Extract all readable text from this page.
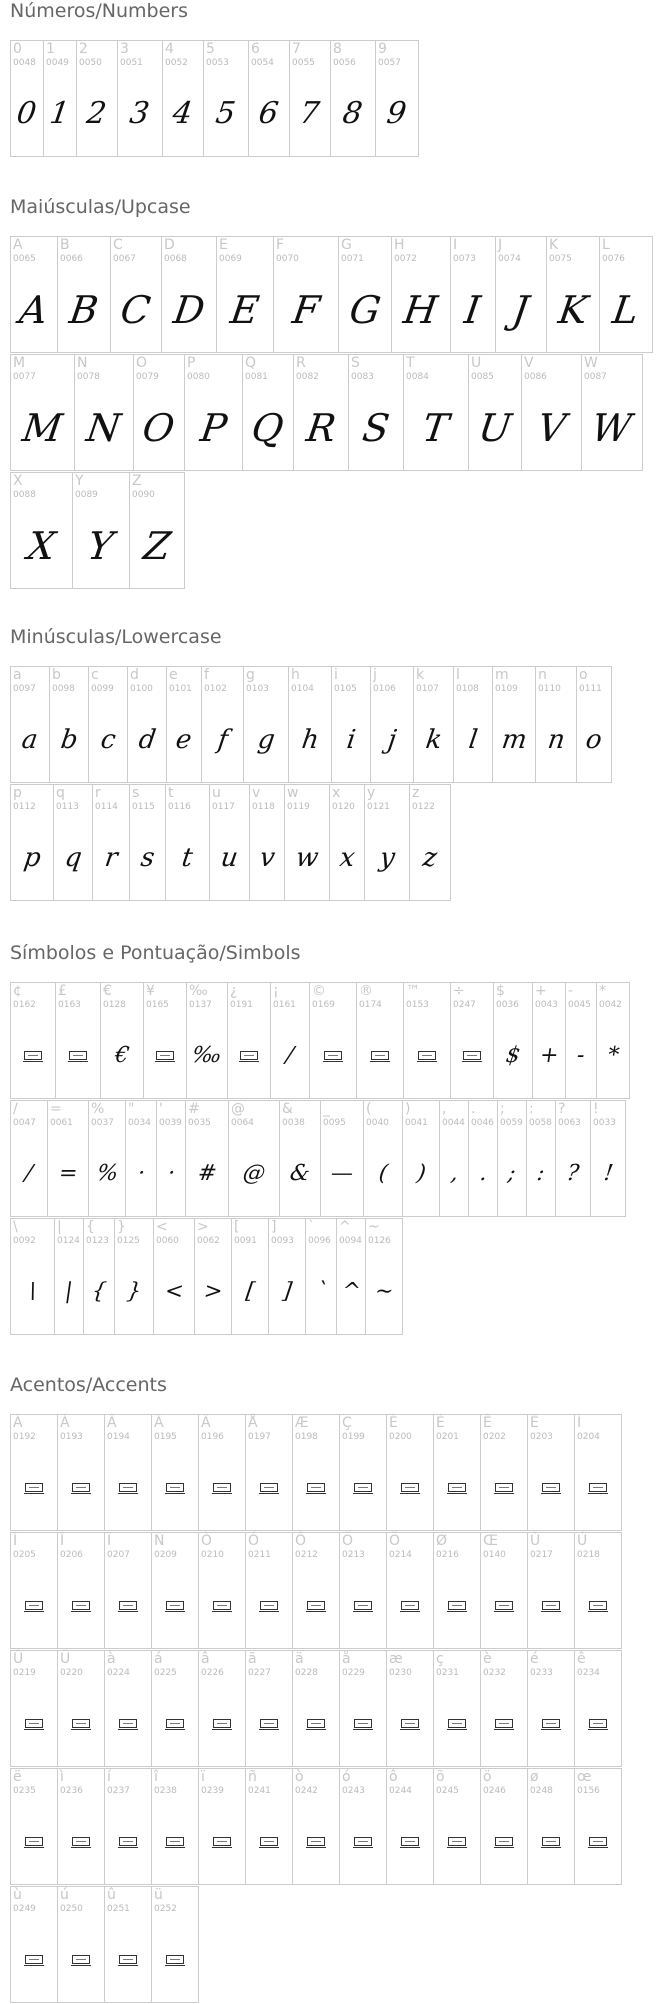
Números/Numbers
0
0048
0
1
0049
1
2
0050
2
3
0051
3
4
0052
4
5
0053
5
6
0054
6
7
0055
7
8
0056
8
9
0057
9
Maiúsculas/Upcase
A
0065
A
B
0066
B
C
0067
C
D
0068
D
E
0069
E
F
0070
F
G
0071
G
H
0072
H
I
0073
I
J
0074
J
K
0075
K
L
0076
L
M
0077
M
N
0078
N
O
0079
O
P
0080
P
Q
0081
Q
R
0082
R
S
0083
S
T
0084
T
U
0085
U
V
0086
V
W
0087
W
X
0088
X
Y
0089
Y
Z
0090
Z
Minúsculas/Lowercase
a
0097
a
b
0098
b
c
0099
c
d
0100
d
e
0101
e
f
0102
f
g
0103
g
h
0104
h
i
0105
i
j
0106
j
k
0107
k
l
0108
l
m
0109
m
n
0110
n
o
0111
o
p
0112
p
q
0113
q
r
0114
r
s
0115
s
t
0116
t
u
0117
u
v
0118
v
w
0119
w
x
0120
x
y
0121
y
z
0122
z
Símbolos e Pontuação/Simbols
¢
0162
£
0163
€
0128
€
¥
0165
‰
0137
‰
¿
0191
¡
0161
/
©
0169
®
0174
™
0153
÷
0247
$
0036
$
+
0043
+
-
0045
-
*
0042
*
/
0047
/
=
0061
=
%
0037
%
"
0034
·
'
0039
·
#
0035
#
@
0064
@
&
0038
&
_
0095
—
(
0040
(
)
0041
)
,
0044
,
.
0046
.
;
0059
;
:
0058
:
?
0063
?
!
0033
!
\
0092
\
|
0124
|
{
0123
{
}
0125
}
<
0060
<
>
0062
>
[
0091
[
]
0093
]
`
0096
`
^
0094
^
~
0126
~
Acentos/Accents
À
0192
Á
0193
Â
0194
Ã
0195
Ä
0196
Å
0197
Æ
0198
Ç
0199
È
0200
É
0201
Ê
0202
Ë
0203
Ì
0204
Í
0205
Î
0206
Ï
0207
Ñ
0209
Ò
0210
Ó
0211
Ô
0212
Õ
0213
Ö
0214
Ø
0216
Œ
0140
Ù
0217
Ú
0218
Û
0219
Ü
0220
à
0224
á
0225
â
0226
ã
0227
ä
0228
å
0229
æ
0230
ç
0231
è
0232
é
0233
ê
0234
ë
0235
ì
0236
í
0237
î
0238
ï
0239
ñ
0241
ò
0242
ó
0243
ô
0244
õ
0245
ö
0246
ø
0248
œ
0156
ù
0249
ú
0250
û
0251
ü
0252
